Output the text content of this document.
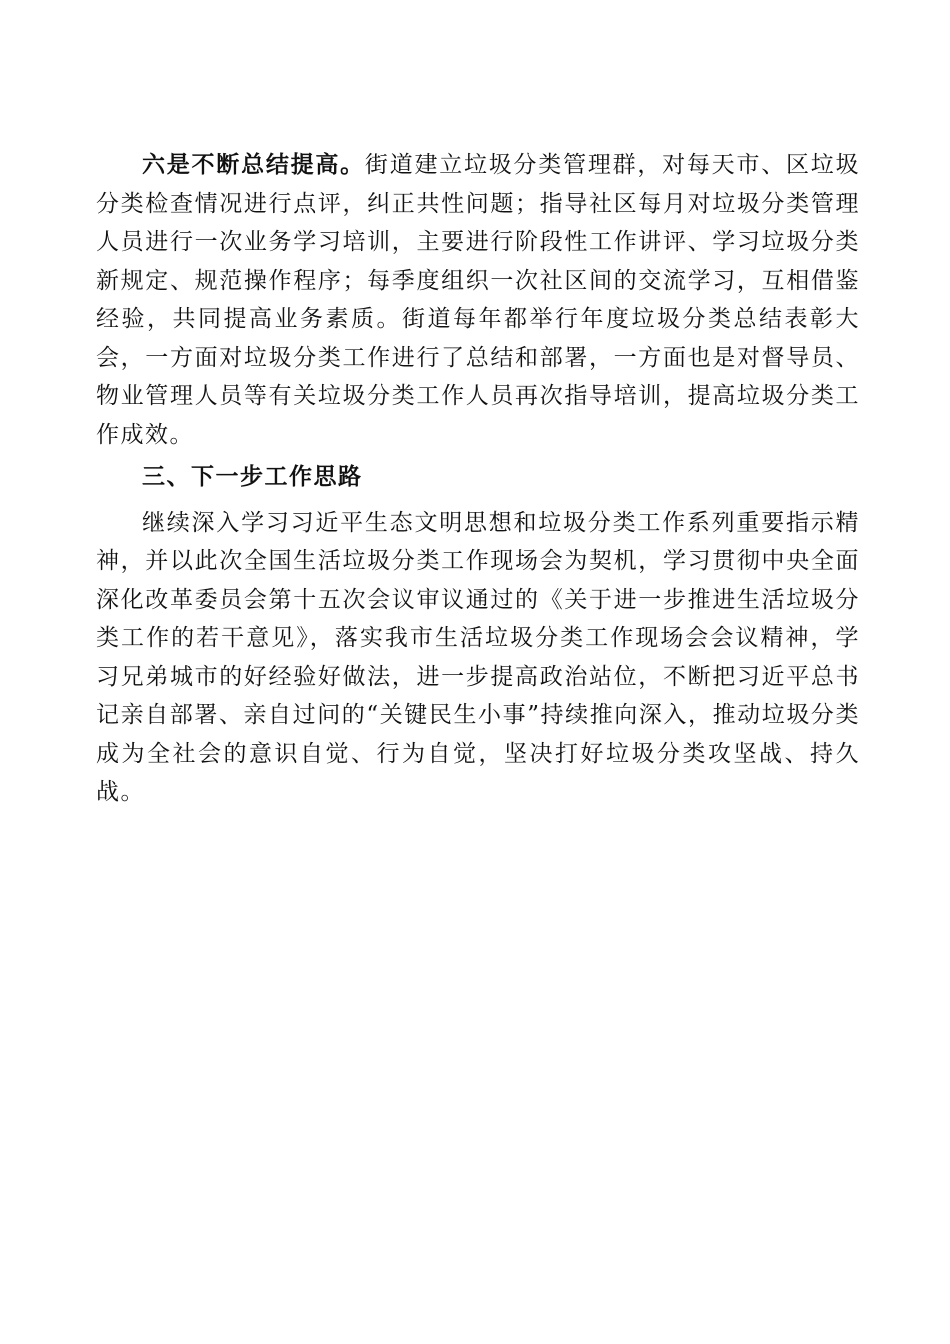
六是不断总结提高。街道建立垃圾分类管理群，对每天市、区垃圾分类检查情况进行点评，纠正共性问题；指导社区每月对垃圾分类管理人员进行一次业务学习培训，主要进行阶段性工作讲评、学习垃圾分类新规定、规范操作程序；每季度组织一次社区间的交流学习，互相借鉴经验，共同提高业务素质。街道每年都举行年度垃圾分类总结表彰大会，一方面对垃圾分类工作进行了总结和部署，一方面也是对督导员、物业管理人员等有关垃圾分类工作人员再次指导培训，提高垃圾分类工作成效。

三、下一步工作思路

继续深入学习习近平生态文明思想和垃圾分类工作系列重要指示精神，并以此次全国生活垃圾分类工作现场会为契机，学习贯彻中央全面深化改革委员会第十五次会议审议通过的《关于进一步推进生活垃圾分类工作的若干意见》，落实我市生活垃圾分类工作现场会会议精神，学习兄弟城市的好经验好做法，进一步提高政治站位，不断把习近平总书记亲自部署、亲自过问的“关键民生小事”持续推向深入，推动垃圾分类成为全社会的意识自觉、行为自觉，坚决打好垃圾分类攻坚战、持久战。
